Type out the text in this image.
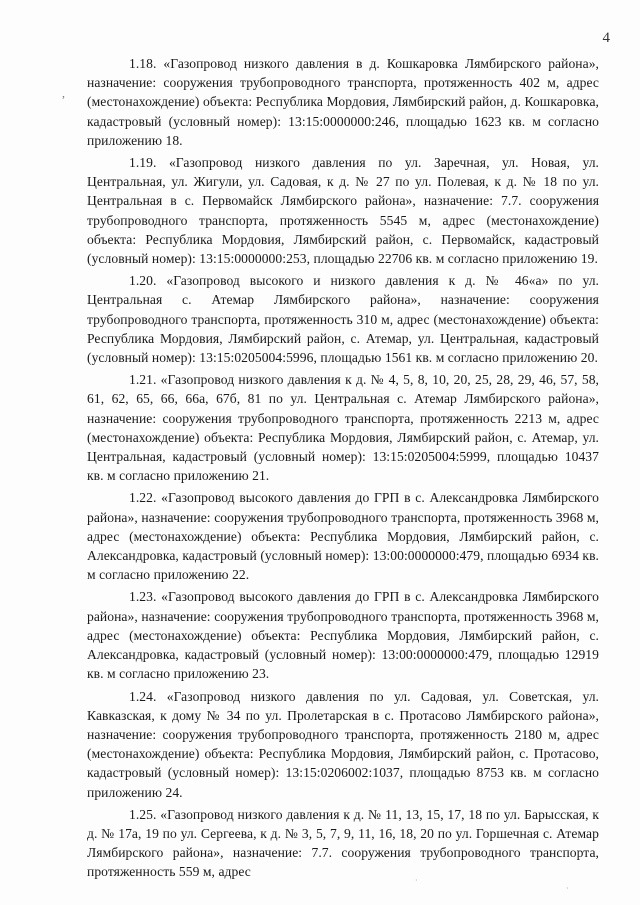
4
,
·
·

1.18. «Газопровод низкого давления в д. Кошкаровка Лямбирского района», назначение: сооружения трубопроводного транспорта, протяженность 402 м, адрес (местонахождение) объекта: Республика Мордовия, Лямбирский район, д. Кошкаровка, кадастровый (условный номер): 13:15:0000000:246, площадью 1623 кв. м согласно приложению 18.

1.19. «Газопровод низкого давления по ул. Заречная, ул. Новая, ул. Центральная, ул. Жигули, ул. Садовая, к д. № 27 по ул. Полевая, к д. № 18 по ул. Центральная в с. Первомайск Лямбирского района», назначение: 7.7. сооружения трубопроводного транспорта, протяженность 5545 м, адрес (местонахождение) объекта: Республика Мордовия, Лямбирский район, с. Первомайск, кадастровый (условный номер): 13:15:0000000:253, площадью 22706 кв. м согласно приложению 19.

1.20. «Газопровод высокого и низкого давления к д. № 46«а» по ул. Центральная с. Атемар Лямбирского района», назначение: сооружения трубопроводного транспорта, протяженность 310 м, адрес (местонахождение) объекта: Республика Мордовия, Лямбирский район, с. Атемар, ул. Центральная, кадастровый (условный номер): 13:15:0205004:5996, площадью 1561 кв. м согласно приложению 20.

1.21. «Газопровод низкого давления к д. № 4, 5, 8, 10, 20, 25, 28, 29, 46, 57, 58, 61, 62, 65, 66, 66а, 67б, 81 по ул. Центральная с. Атемар Лямбирского района», назначение: сооружения трубопроводного транспорта, протяженность 2213 м, адрес (местонахождение) объекта: Республика Мордовия, Лямбирский район, с. Атемар, ул. Центральная, кадастровый (условный номер): 13:15:0205004:5999, площадью 10437 кв. м согласно приложению 21.

1.22. «Газопровод высокого давления до ГРП в с. Александровка Лямбирского района», назначение: сооружения трубопроводного транспорта, протяженность 3968 м, адрес (местонахождение) объекта: Республика Мордовия, Лямбирский район, с. Александровка, кадастровый (условный номер): 13:00:0000000:479, площадью 6934 кв. м согласно приложению 22.

1.23. «Газопровод высокого давления до ГРП в с. Александровка Лямбирского района», назначение: сооружения трубопроводного транспорта, протяженность 3968 м, адрес (местонахождение) объекта: Республика Мордовия, Лямбирский район, с. Александровка, кадастровый (условный номер): 13:00:0000000:479, площадью 12919 кв. м согласно приложению 23.

1.24. «Газопровод низкого давления по ул. Садовая, ул. Советская, ул. Кавказская, к дому № 34 по ул. Пролетарская в с. Протасово Лямбирского района», назначение: сооружения трубопроводного транспорта, протяженность 2180 м, адрес (местонахождение) объекта: Республика Мордовия, Лямбирский район, с. Протасово, кадастровый (условный номер): 13:15:0206002:1037, площадью 8753 кв. м согласно приложению 24.

1.25. «Газопровод низкого давления к д. № 11, 13, 15, 17, 18 по ул. Барысская, к д. № 17а, 19 по ул. Сергеева, к д. № 3, 5, 7, 9, 11, 16, 18, 20 по ул. Горшечная с. Атемар Лямбирского района», назначение: 7.7. сооружения трубопроводного транспорта, протяженность 559 м, адрес
